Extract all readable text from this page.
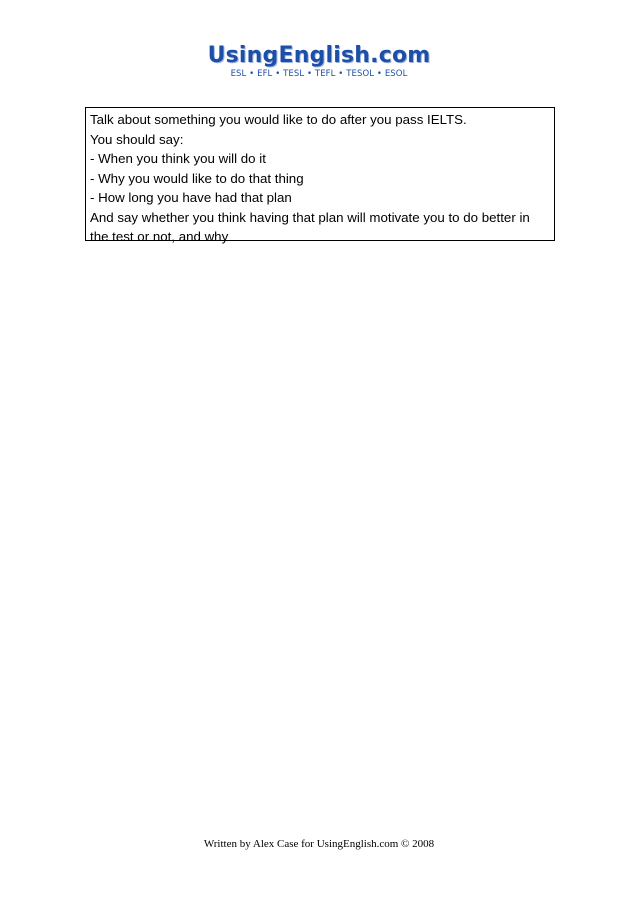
UsingEnglish.com
ESL • EFL • TESL • TEFL • TESOL • ESOL
Talk about something you would like to do after you pass IELTS.
You should say:
- When you think you will do it
- Why you would like to do that thing
- How long you have had that plan
And say whether you think having that plan will motivate you to do better in the test or not, and why
Written by Alex Case for UsingEnglish.com © 2008
